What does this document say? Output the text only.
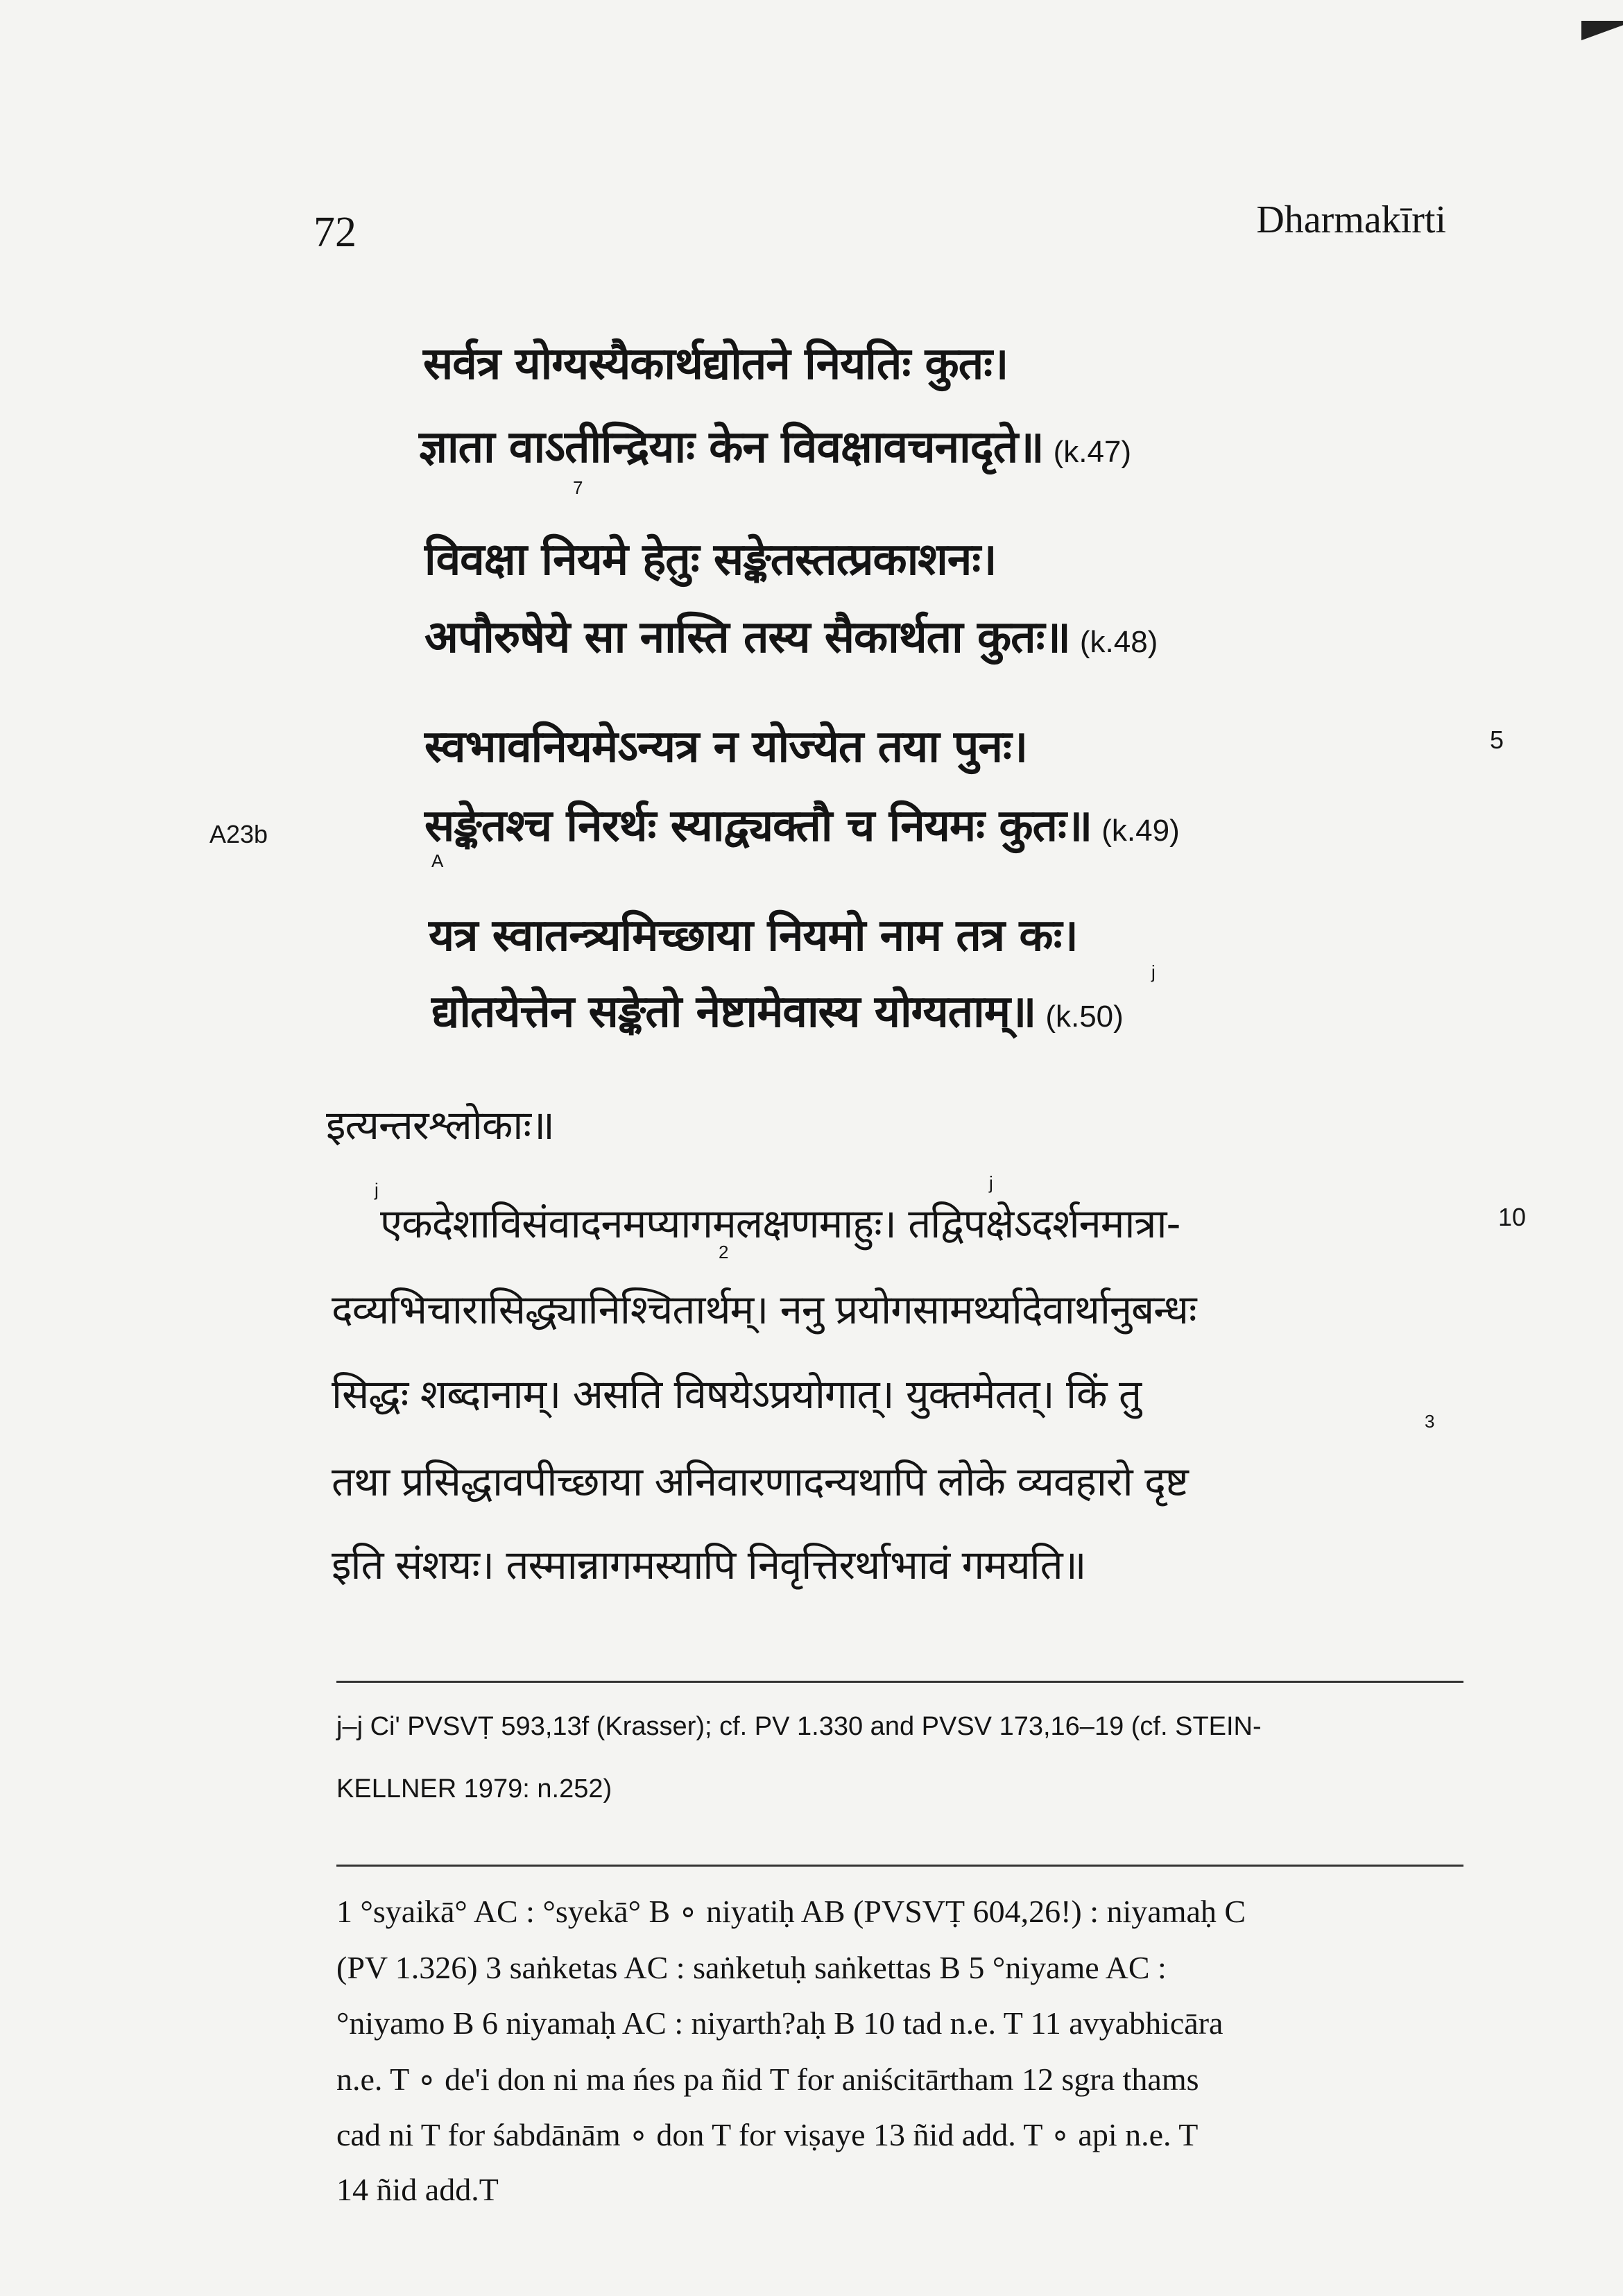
72	Dharmakīrti
सर्वत्र योग्यस्यैकार्थद्योतने नियतिः कुतः।
ज्ञाता वाऽतीन्द्रियाः केन विवक्षावचनादृते॥ (k.47)
7
विवक्षा नियमे हेतुः सङ्केतस्तत्प्रकाशनः।
अपौरुषेये सा नास्ति तस्य सैकार्थता कुतः॥ (k.48)
स्वभावनियमेऽन्यत्र न योज्येत तया पुनः।	5
A23b	सङ्केतश्च निरर्थः स्याद्व्यक्तौ च नियमः कुतः॥ (k.49)
A
यत्र स्वातन्त्र्यमिच्छाया नियमो नाम तत्र कः।
j
द्योतयेत्तेन सङ्केतो नेष्टामेवास्य योग्यताम्॥ (k.50)
इत्यन्तरश्लोकाः॥
j	j
एकदेशाविसंवादनमप्यागमलक्षणमाहुः। तद्विपक्षेऽदर्शनमात्रा-	10
2
दव्यभिचारासिद्ध्यानिश्चितार्थम्। ननु प्रयोगसामर्थ्यादेवार्थानुबन्धः
सिद्धः शब्दानाम्। असति विषयेऽप्रयोगात्। युक्तमेतत्। किं तु
3
तथा प्रसिद्धावपीच्छाया अनिवारणादन्यथापि लोके व्यवहारो दृष्ट
इति संशयः। तस्मान्नागमस्यापि निवृत्तिरर्थाभावं गमयति॥
j–j Ci' PVSVṬ 593,13f (Krasser); cf. PV 1.330 and PVSV 173,16–19 (cf. STEIN-
KELLNER 1979: n.252)
1 °syaikā° AC : °syekā° B ∘ niyatiḥ AB (PVSVṬ 604,26!) : niyamaḥ C
(PV 1.326) 3 saṅketas AC : saṅketuḥ saṅkettas B 5 °niyame AC :
°niyamo B 6 niyamaḥ AC : niyarth?aḥ B 10 tad n.e. T 11 avyabhicāra
n.e. T ∘ de'i don ni ma ńes pa ñid T for aniścitārtham 12 sgra thams
cad ni T for śabdānām ∘ don T for viṣaye 13 ñid add. T ∘ api n.e. T
14 ñid add.T
